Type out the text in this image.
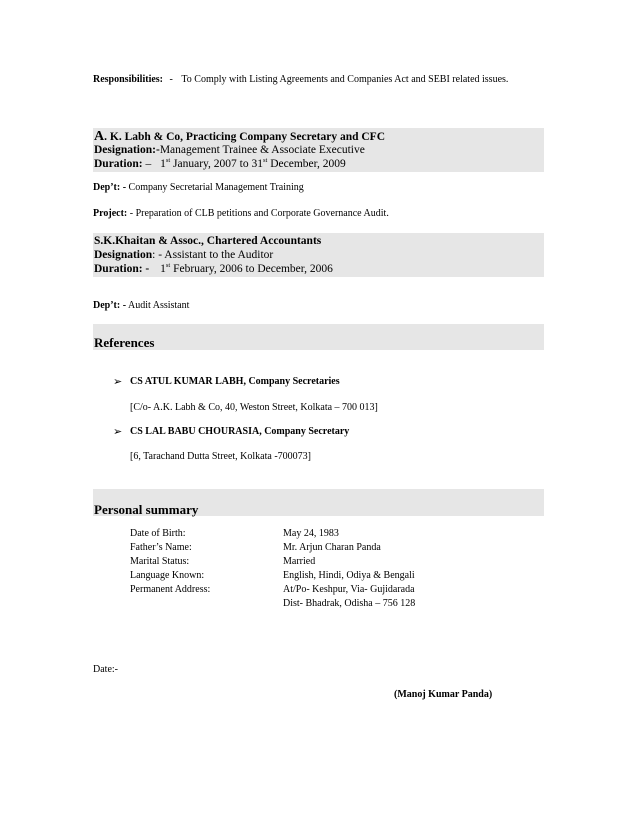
Responsibilities: - To Comply with Listing Agreements and Companies Act and SEBI related issues.
A. K. Labh & Co, Practicing Company Secretary and CFC
Designation:-Management Trainee & Associate Executive
Duration: – 1st January, 2007 to 31st December, 2009
Dep’t: - Company Secretarial Management Training
Project: - Preparation of CLB petitions and Corporate Governance Audit.
S.K.Khaitan & Assoc., Chartered Accountants
Designation: - Assistant to the Auditor
Duration: - 1st February, 2006 to December, 2006
Dep’t: - Audit Assistant
References
➢ CS ATUL KUMAR LABH, Company Secretaries
[C/o- A.K. Labh & Co, 40, Weston Street, Kolkata – 700 013]
➢ CS LAL BABU CHOURASIA, Company Secretary
[6, Tarachand Dutta Street, Kolkata -700073]
Personal summary
Date of Birth:	May 24, 1983
Father’s Name:	Mr. Arjun Charan Panda
Marital Status:	Married
Language Known:	English, Hindi, Odiya & Bengali
Permanent Address:	At/Po- Keshpur, Via- Gujidarada
Dist- Bhadrak, Odisha – 756 128
Date:-
(Manoj Kumar Panda)
